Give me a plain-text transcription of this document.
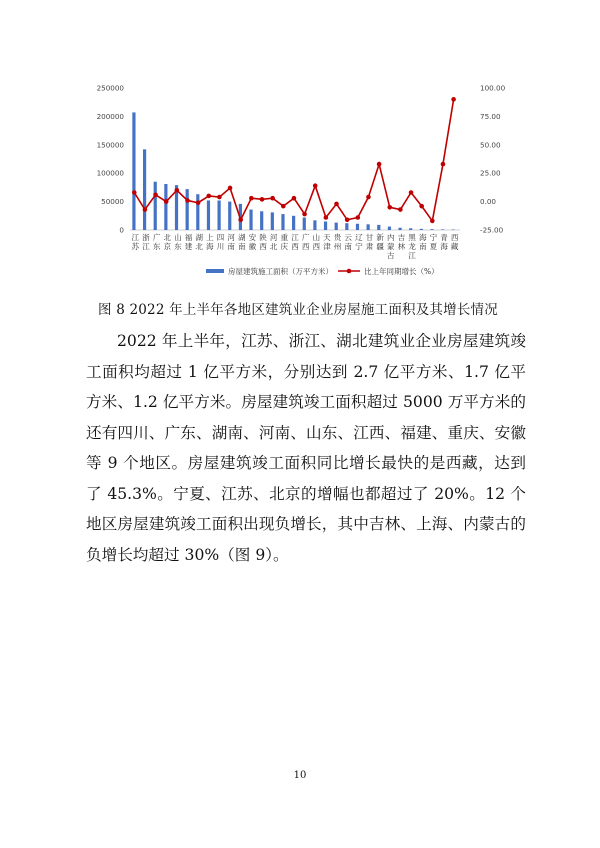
0
50000
100000
150000
200000
250000
-25.00
0.00
25.00
50.00
75.00
100.00
江苏
浙江
广东
北京
山东
福建
湖北
上海
四川
河南
湖南
安徽
陕西
河北
重庆
江西
广西
山西
天津
贵州
云南
辽宁
甘肃
新疆
内蒙古
吉林
黑龙江
海南
宁夏
青海
西藏
房屋建筑施工面积（万平方米）	比上年同期增长（%）
图 8 2022 年上半年各地区建筑业企业房屋施工面积及其增长情况

2022 年上半年，江苏、浙江、湖北建筑业企业房屋建筑竣工面积均超过 1 亿平方米，分别达到 2.7 亿平方米、1.7 亿平方米、1.2 亿平方米。房屋建筑竣工面积超过 5000 万平方米的还有四川、广东、湖南、河南、山东、江西、福建、重庆、安徽等 9 个地区。房屋建筑竣工面积同比增长最快的是西藏，达到了 45.3%。宁夏、江苏、北京的增幅也都超过了 20%。12 个地区房屋建筑竣工面积出现负增长，其中吉林、上海、内蒙古的负增长均超过 30%（图 9）。

10
